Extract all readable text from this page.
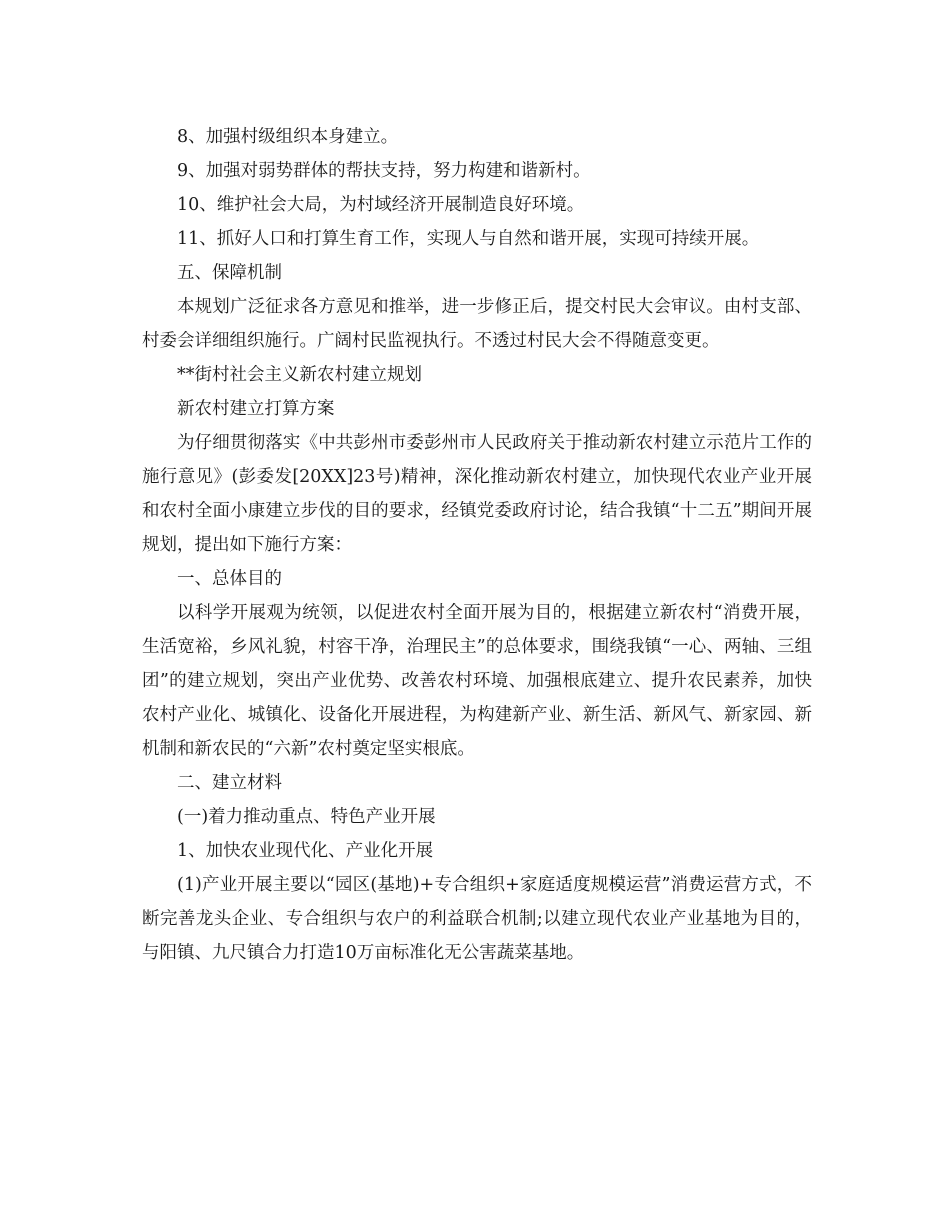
8、加强村级组织本身建立。

9、加强对弱势群体的帮扶支持，努力构建和谐新村。

10、维护社会大局，为村域经济开展制造良好环境。

11、抓好人口和打算生育工作，实现人与自然和谐开展，实现可持续开展。

五、保障机制

本规划广泛征求各方意见和推举，进一步修正后，提交村民大会审议。由村支部、村委会详细组织施行。广阔村民监视执行。不透过村民大会不得随意变更。

**街村社会主义新农村建立规划

新农村建立打算方案

为仔细贯彻落实《中共彭州市委彭州市人民政府关于推动新农村建立示范片工作的施行意见》(彭委发[20XX]23号)精神，深化推动新农村建立，加快现代农业产业开展和农村全面小康建立步伐的目的要求，经镇党委政府讨论，结合我镇“十二五”期间开展规划，提出如下施行方案：

一、总体目的

以科学开展观为统领，以促进农村全面开展为目的，根据建立新农村“消费开展，生活宽裕，乡风礼貌，村容干净，治理民主”的总体要求，围绕我镇“一心、两轴、三组团”的建立规划，突出产业优势、改善农村环境、加强根底建立、提升农民素养，加快农村产业化、城镇化、设备化开展进程，为构建新产业、新生活、新风气、新家园、新机制和新农民的“六新”农村奠定坚实根底。

二、建立材料

(一)着力推动重点、特色产业开展

1、加快农业现代化、产业化开展

(1)产业开展主要以“园区(基地)+专合组织+家庭适度规模运营”消费运营方式，不断完善龙头企业、专合组织与农户的利益联合机制;以建立现代农业产业基地为目的，与阳镇、九尺镇合力打造10万亩标准化无公害蔬菜基地。
